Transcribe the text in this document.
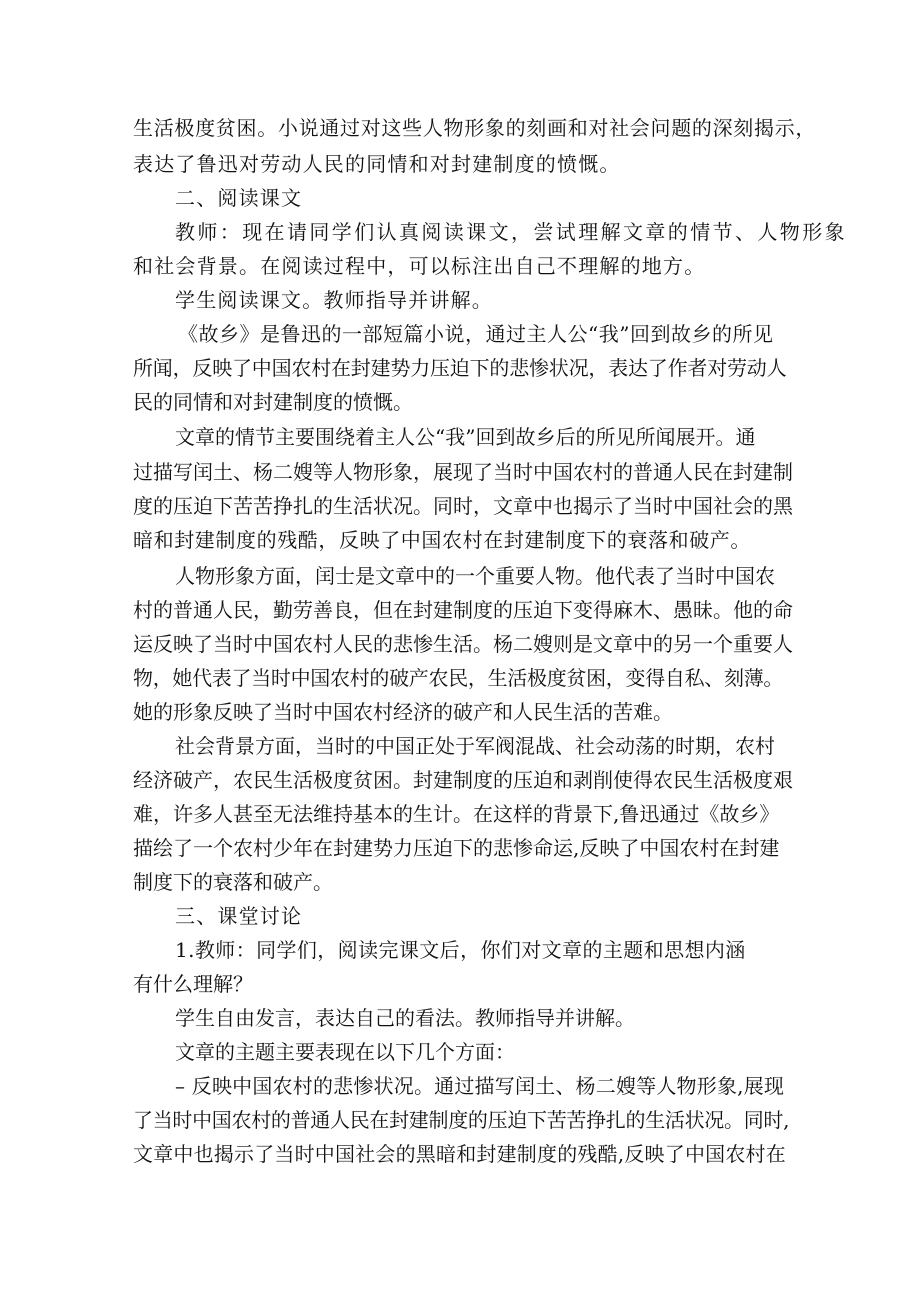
生活极度贫困。小说通过对这些人物形象的刻画和对社会问题的深刻揭示，
表达了鲁迅对劳动人民的同情和对封建制度的愤慨。
二、阅读课文
教师：现在请同学们认真阅读课文，尝试理解文章的情节、人物形象
和社会背景。在阅读过程中，可以标注出自己不理解的地方。
学生阅读课文。教师指导并讲解。
《故乡》是鲁迅的一部短篇小说，通过主人公“我”回到故乡的所见
所闻，反映了中国农村在封建势力压迫下的悲惨状况，表达了作者对劳动人
民的同情和对封建制度的愤慨。
文章的情节主要围绕着主人公“我”回到故乡后的所见所闻展开。通
过描写闰土、杨二嫂等人物形象，展现了当时中国农村的普通人民在封建制
度的压迫下苦苦挣扎的生活状况。同时，文章中也揭示了当时中国社会的黑
暗和封建制度的残酷，反映了中国农村在封建制度下的衰落和破产。
人物形象方面，闰士是文章中的一个重要人物。他代表了当时中国农
村的普通人民，勤劳善良，但在封建制度的压迫下变得麻木、愚昧。他的命
运反映了当时中国农村人民的悲惨生活。杨二嫂则是文章中的另一个重要人
物，她代表了当时中国农村的破产农民，生活极度贫困，变得自私、刻薄。
她的形象反映了当时中国农村经济的破产和人民生活的苦难。
社会背景方面，当时的中国正处于军阀混战、社会动荡的时期，农村
经济破产，农民生活极度贫困。封建制度的压迫和剥削使得农民生活极度艰
难，许多人甚至无法维持基本的生计。在这样的背景下,鲁迅通过《故乡》
描绘了一个农村少年在封建势力压迫下的悲惨命运,反映了中国农村在封建
制度下的衰落和破产。
三、课堂讨论
1.教师：同学们，阅读完课文后，你们对文章的主题和思想内涵
有什么理解？
学生自由发言，表达自己的看法。教师指导并讲解。
文章的主题主要表现在以下几个方面：
– 反映中国农村的悲惨状况。通过描写闰土、杨二嫂等人物形象,展现
了当时中国农村的普通人民在封建制度的压迫下苦苦挣扎的生活状况。同时,
文章中也揭示了当时中国社会的黑暗和封建制度的残酷,反映了中国农村在
